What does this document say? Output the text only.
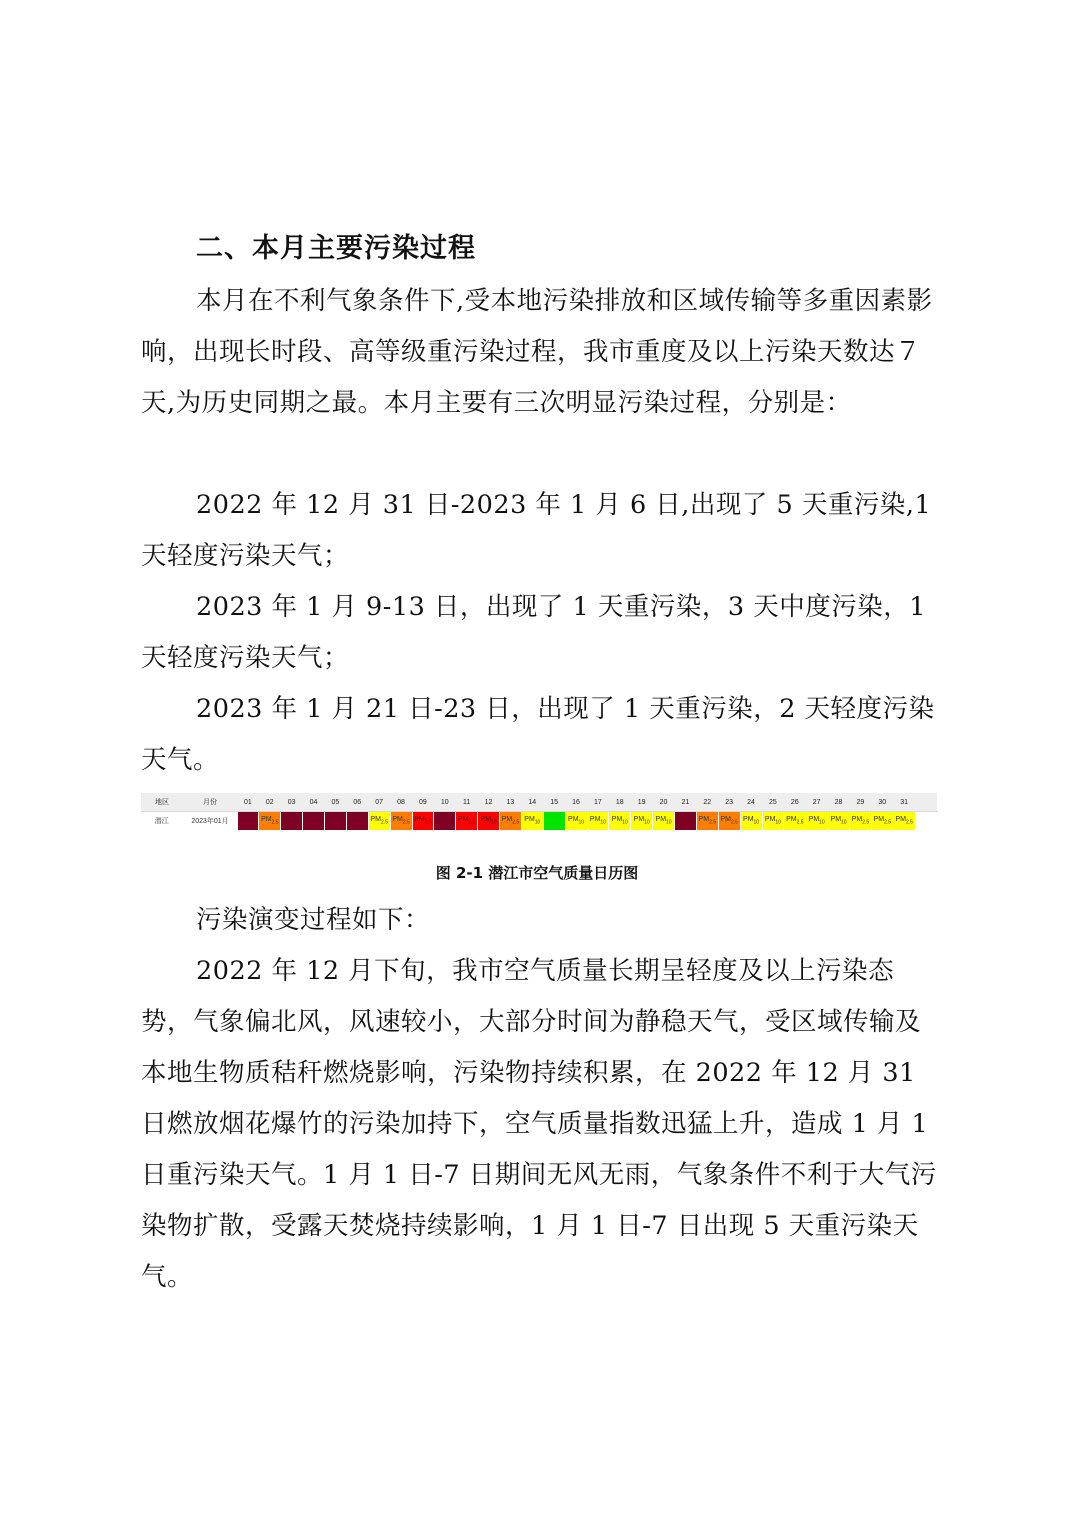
二、本月主要污染过程

本月在不利气象条件下,受本地污染排放和区域传输等多重因素影响，出现长时段、高等级重污染过程，我市重度及以上污染天数达７天,为历史同期之最。本月主要有三次明显污染过程，分别是：

2022 年 12 月 31 日-2023 年 1 月 6 日,出现了 5 天重污染,1 天轻度污染天气；

2023 年 1 月 9-13 日，出现了 1 天重污染，3 天中度污染，1 天轻度污染天气；

2023 年 1 月 21 日-23 日，出现了 1 天重污染，2 天轻度污染天气。

地区	月份	01	02	03	04	05	06	07	08	09	10	11	12	13	14	15	16	17	18	19	20	21	22	23	24	25	26	27	28	29	30	31	
潜江	2023年01月		$PM_{2.5}$					$PM_{2.5}$	$PM_{2.5}$	$PM_{2.5}$		$PM_{2.5}$	$PM_{10}$	$PM_{2.5}$	$PM_{10}$		$PM_{10}$	$PM_{10}$	$PM_{10}$	$PM_{10}$	$PM_{10}$		$PM_{2.5}$	$PM_{2.5}$	$PM_{10}$	$PM_{10}$	$PM_{2.5}$	$PM_{10}$	$PM_{10}$	$PM_{2.5}$	$PM_{2.5}$	$PM_{2.5}$	
图 2-1 潜江市空气质量日历图

污染演变过程如下：

2022 年 12 月下旬，我市空气质量长期呈轻度及以上污染态势，气象偏北风，风速较小，大部分时间为静稳天气，受区域传输及本地生物质秸秆燃烧影响，污染物持续积累，在 2022 年 12 月 31 日燃放烟花爆竹的污染加持下，空气质量指数迅猛上升，造成 1 月 1 日重污染天气。1 月 1 日-7 日期间无风无雨，气象条件不利于大气污染物扩散，受露天焚烧持续影响，1 月 1 日-7 日出现 5 天重污染天气。
